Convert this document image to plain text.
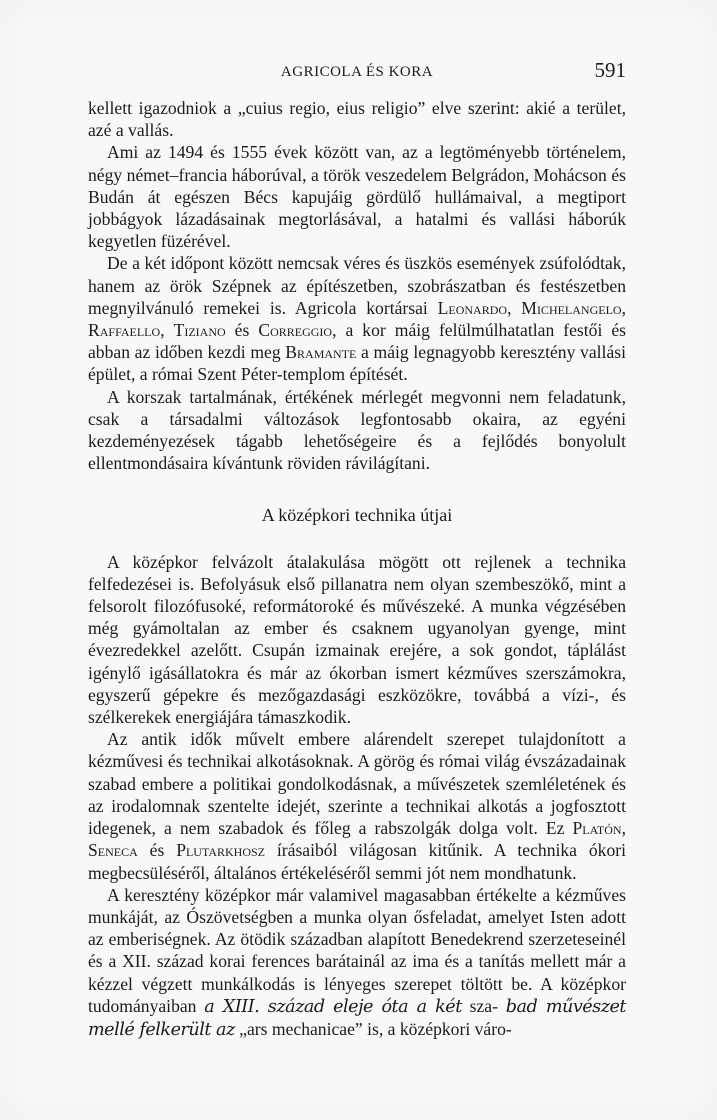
AGRICOLA ÉS KORA	591

kellett igazodniok a „cuius regio, eius religio” elve szerint: akié a terület, azé a vallás.

Ami az 1494 és 1555 évek között van, az a legtöményebb történelem, négy német–francia háborúval, a török veszedelem Belgrádon, Mohácson és Budán át egészen Bécs kapujáig gördülő hullámaival, a megtiport jobbágyok lázadásainak megtorlásával, a hatalmi és vallási háborúk kegyetlen füzérével.

De a két időpont között nemcsak véres és üszkös események zsúfolódtak, hanem az örök Szépnek az építészetben, szobrászatban és festészetben megnyilvánuló remekei is. Agricola kortársai Leonardo, Michelangelo, Raffaello, Tiziano és Correggio, a kor máig felülmúlhatatlan festői és abban az időben kezdi meg Bramante a máig legnagyobb keresztény vallási épület, a római Szent Péter-templom építését.

A korszak tartalmának, értékének mérlegét megvonni nem feladatunk, csak a társadalmi változások legfontosabb okaira, az egyéni kezdeményezések tágabb lehetőségeire és a fejlődés bonyolult ellentmondásaira kívántunk röviden rávilágítani.

A középkori technika útjai

A középkor felvázolt átalakulása mögött ott rejlenek a technika felfedezései is. Befolyásuk első pillanatra nem olyan szembeszökő, mint a felsorolt filozófusoké, reformátoroké és művészeké. A munka végzésében még gyámoltalan az ember és csaknem ugyanolyan gyenge, mint évezredekkel azelőtt. Csupán izmainak erejére, a sok gondot, táplálást igénylő igásállatokra és már az ókorban ismert kézműves szerszámokra, egyszerű gépekre és mezőgazdasági eszközökre, továbbá a vízi-, és szélkerekek energiájára támaszkodik.

Az antik idők művelt embere alárendelt szerepet tulajdonított a kézművesi és technikai alkotásoknak. A görög és római világ évszázadainak szabad embere a politikai gondolkodásnak, a művészetek szemléletének és az irodalomnak szentelte idejét, szerinte a technikai alkotás a jogfosztott idegenek, a nem szabadok és főleg a rabszolgák dolga volt. Ez Platón, Seneca és Plutarkhosz írásaiból világosan kitűnik. A technika ókori megbecsüléséről, általános értékeléséről semmi jót nem mondhatunk.

A keresztény középkor már valamivel magasabban értékelte a kézműves munkáját, az Ószövetségben a munka olyan ősfeladat, amelyet Isten adott az emberiségnek. Az ötödik században alapított Benedekrend szerzeteseinél és a XII. század korai ferences barátainál az ima és a tanítás mellett már a kézzel végzett munkálkodás is lényeges szerepet töltött be. A középkor tudományaiban a XIII. század eleje óta a két sza- bad művészet mellé felkerült az „ars mechanicae” is, a középkori váro-
